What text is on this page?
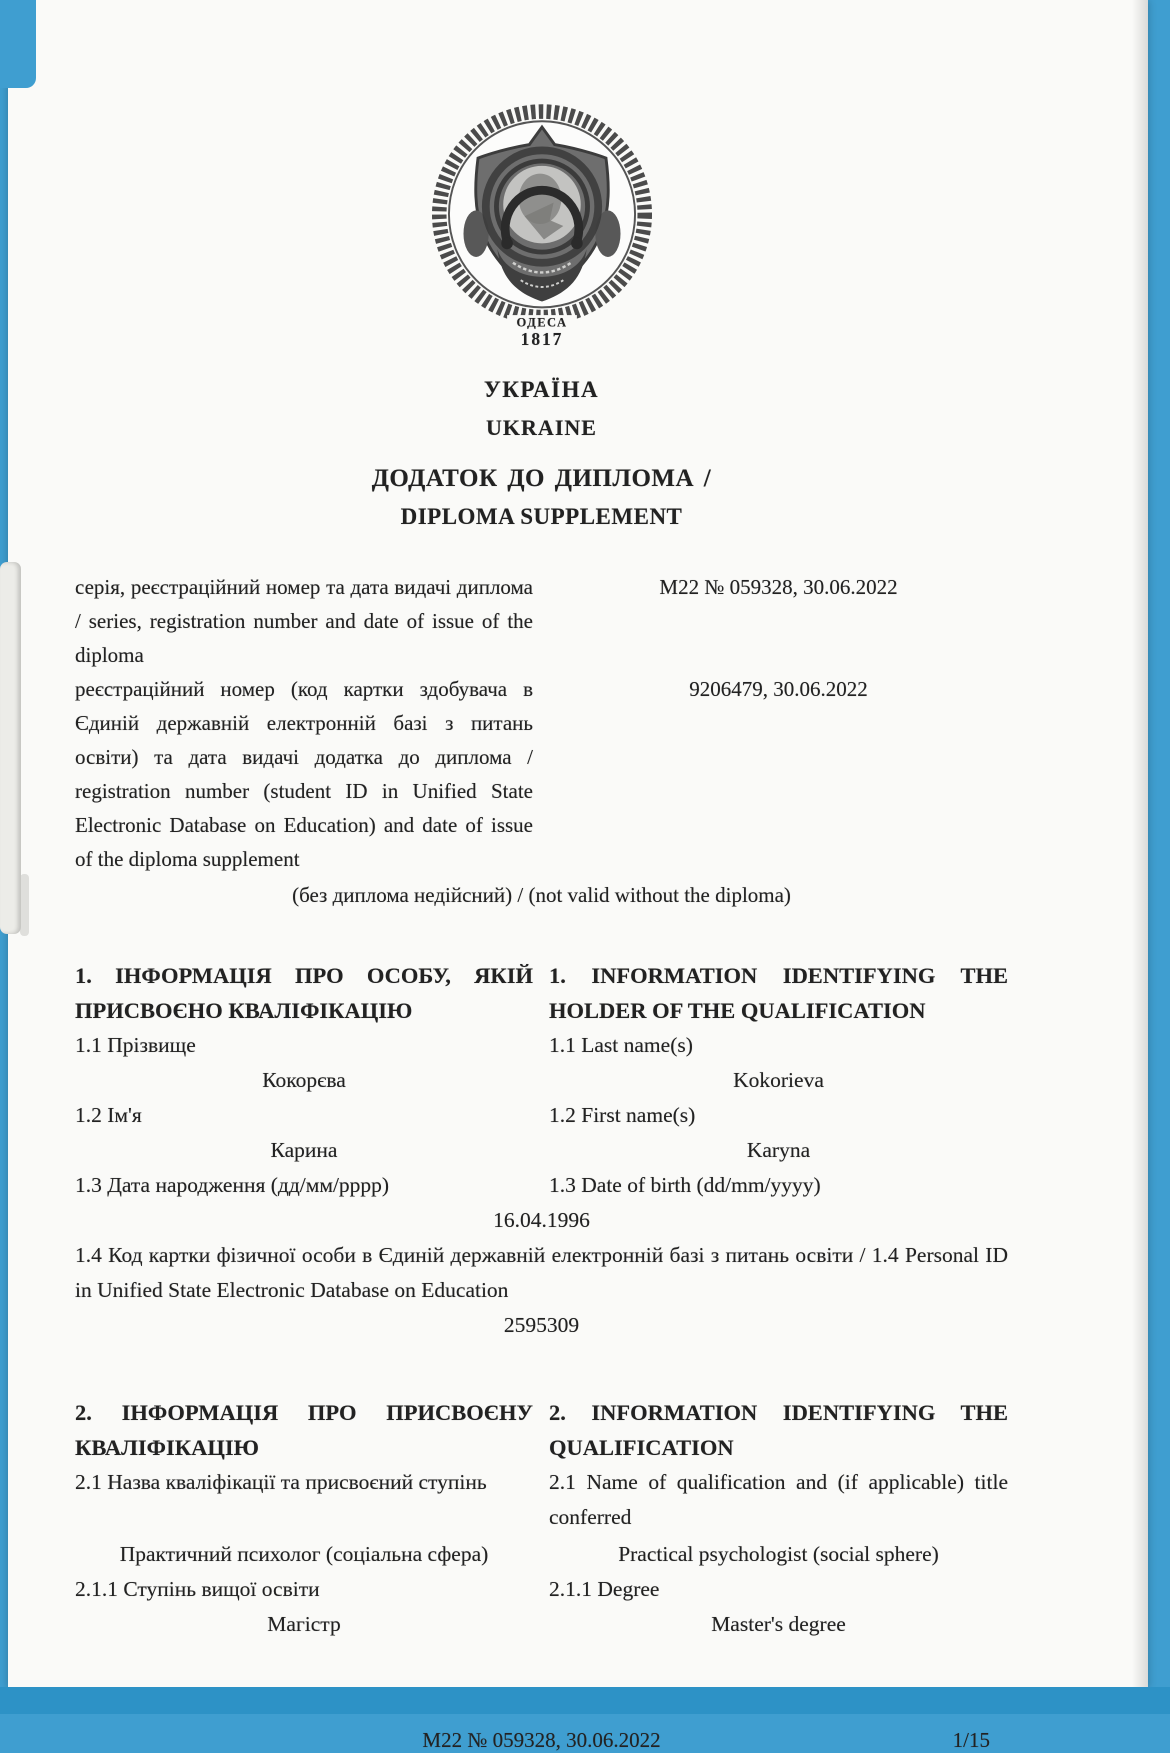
ОДЕСА
1817
УКРАЇНА
UKRAINE
ДОДАТОК ДО ДИПЛОМА /
DIPLOMA SUPPLEMENT
серія, реєстраційний номер та дата видачі диплома / series, registration number and date of issue of the diploma
М22 № 059328, 30.06.2022
реєстраційний номер (код картки здобувача в Єдиній державній електронній базі з питань освіти) та дата видачі додатка до диплома / registration number (student ID in Unified State Electronic Database on Education) and date of issue of the diploma supplement
9206479, 30.06.2022
(без диплома недійсний) / (not valid without the diploma)
1. ІНФОРМАЦІЯ ПРО ОСОБУ, ЯКІЙ ПРИСВОЄНО КВАЛІФІКАЦІЮ
1. INFORMATION IDENTIFYING THE HOLDER OF THE QUALIFICATION
1.1 Прізвище	1.1 Last name(s)
Кокорєва	Kokorieva
1.2 Ім'я	1.2 First name(s)
Карина	Karyna
1.3 Дата народження (дд/мм/рррр)	1.3 Date of birth (dd/mm/yyyy)
16.04.1996
1.4 Код картки фізичної особи в Єдиній державній електронній базі з питань освіти / 1.4 Personal ID in Unified State Electronic Database on Education
2595309
2. ІНФОРМАЦІЯ ПРО ПРИСВОЄНУ КВАЛІФІКАЦІЮ
2. INFORMATION IDENTIFYING THE QUALIFICATION
2.1 Назва кваліфікації та присвоєний ступінь	2.1 Name of qualification and (if applicable) title conferred
Практичний психолог (соціальна сфера)	Practical psychologist (social sphere)
2.1.1 Ступінь вищої освіти	2.1.1 Degree
Магістр	Master's degree
М22 № 059328, 30.06.2022	1/15
